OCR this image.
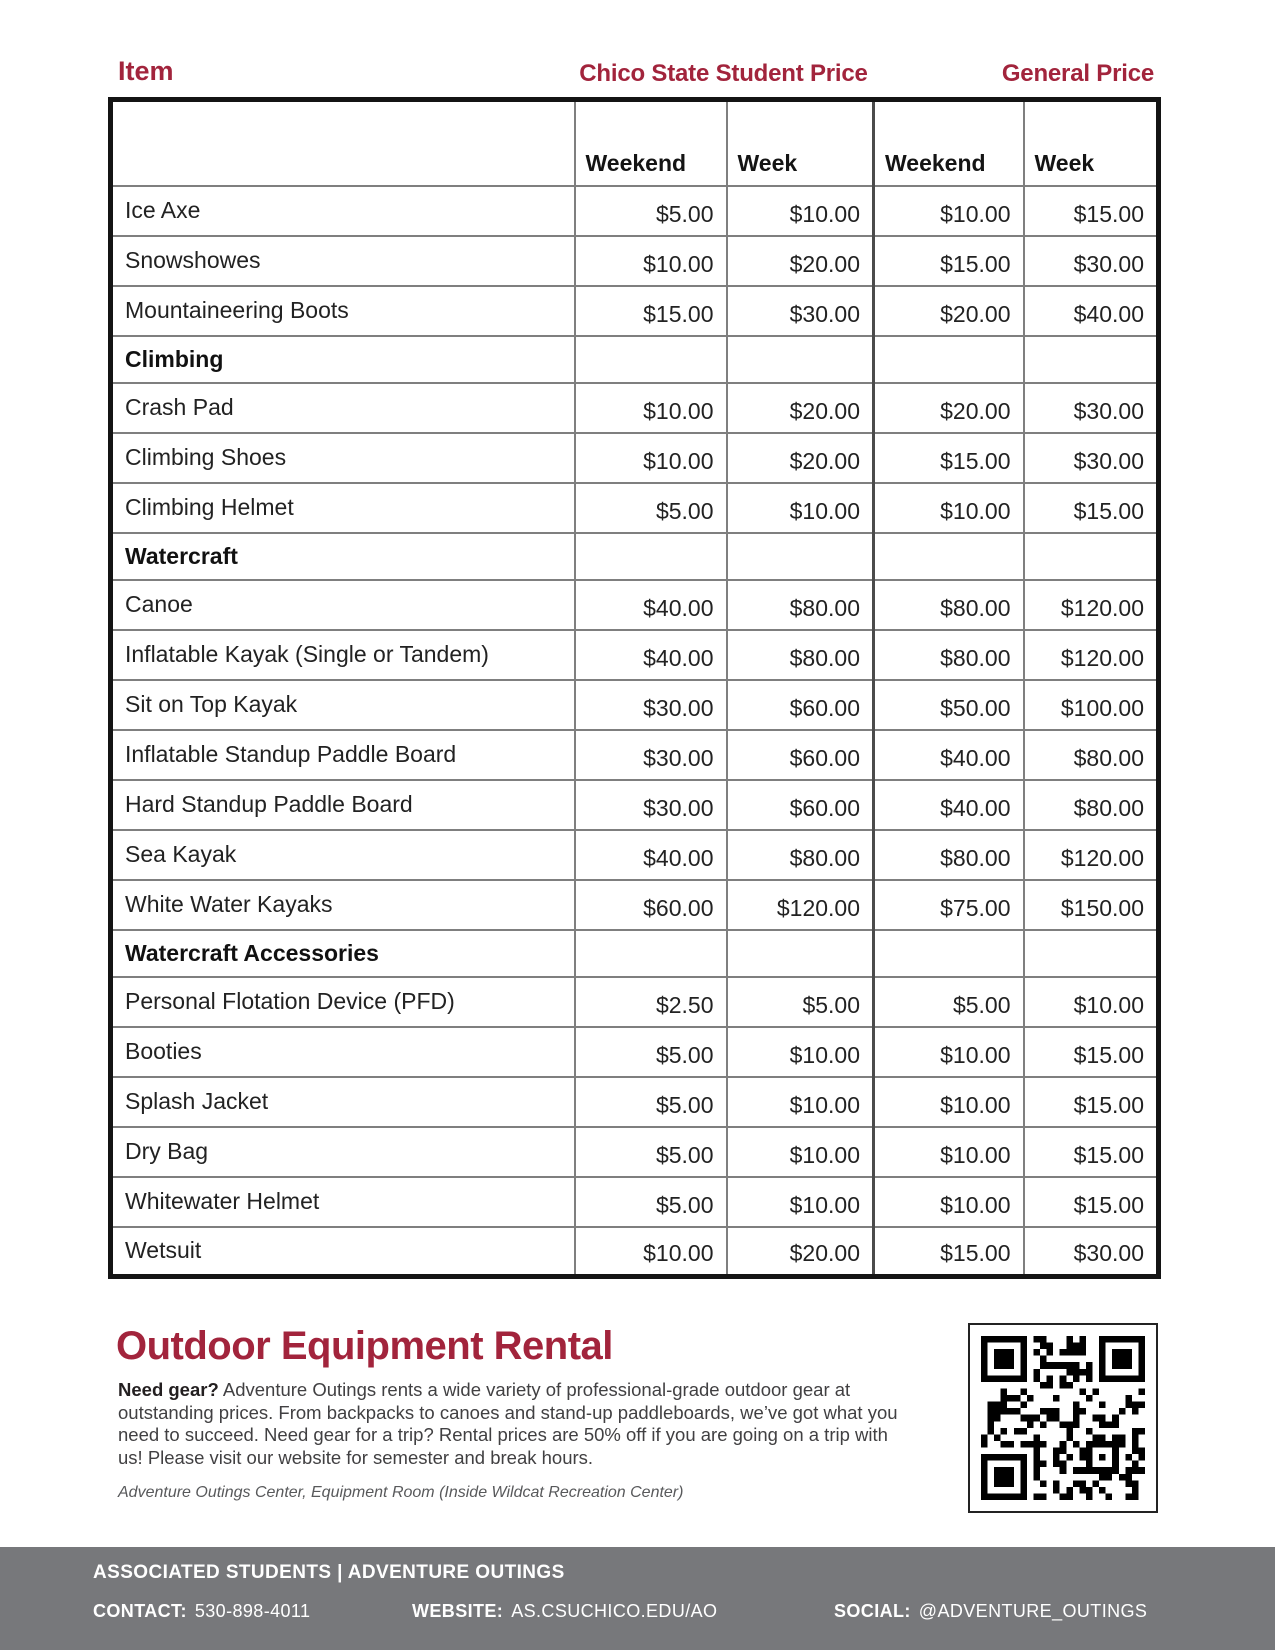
Item	Chico State Student Price	General Price
	Weekend	Week	Weekend	Week
Ice Axe	$5.00	$10.00	$10.00	$15.00
Snowshowes	$10.00	$20.00	$15.00	$30.00
Mountaineering Boots	$15.00	$30.00	$20.00	$40.00
Climbing				
Crash Pad	$10.00	$20.00	$20.00	$30.00
Climbing Shoes	$10.00	$20.00	$15.00	$30.00
Climbing Helmet	$5.00	$10.00	$10.00	$15.00
Watercraft				
Canoe	$40.00	$80.00	$80.00	$120.00
Inflatable Kayak (Single or Tandem)	$40.00	$80.00	$80.00	$120.00
Sit on Top Kayak	$30.00	$60.00	$50.00	$100.00
Inflatable Standup Paddle Board	$30.00	$60.00	$40.00	$80.00
Hard Standup Paddle Board	$30.00	$60.00	$40.00	$80.00
Sea Kayak	$40.00	$80.00	$80.00	$120.00
White Water Kayaks	$60.00	$120.00	$75.00	$150.00
Watercraft Accessories				
Personal Flotation Device (PFD)	$2.50	$5.00	$5.00	$10.00
Booties	$5.00	$10.00	$10.00	$15.00
Splash Jacket	$5.00	$10.00	$10.00	$15.00
Dry Bag	$5.00	$10.00	$10.00	$15.00
Whitewater Helmet	$5.00	$10.00	$10.00	$15.00
Wetsuit	$10.00	$20.00	$15.00	$30.00
Outdoor Equipment Rental

Need gear? Adventure Outings rents a wide variety of professional-grade outdoor gear at outstanding prices. From backpacks to canoes and stand-up paddleboards, we’ve got what you need to succeed. Need gear for a trip? Rental prices are 50% off if you are going on a trip with us! Please visit our website for semester and break hours.

Adventure Outings Center, Equipment Room (Inside Wildcat Recreation Center)

ASSOCIATED STUDENTS | ADVENTURE OUTINGS
CONTACT: 530-898-4011	WEBSITE: AS.CSUCHICO.EDU/AO	SOCIAL: @ADVENTURE_OUTINGS
